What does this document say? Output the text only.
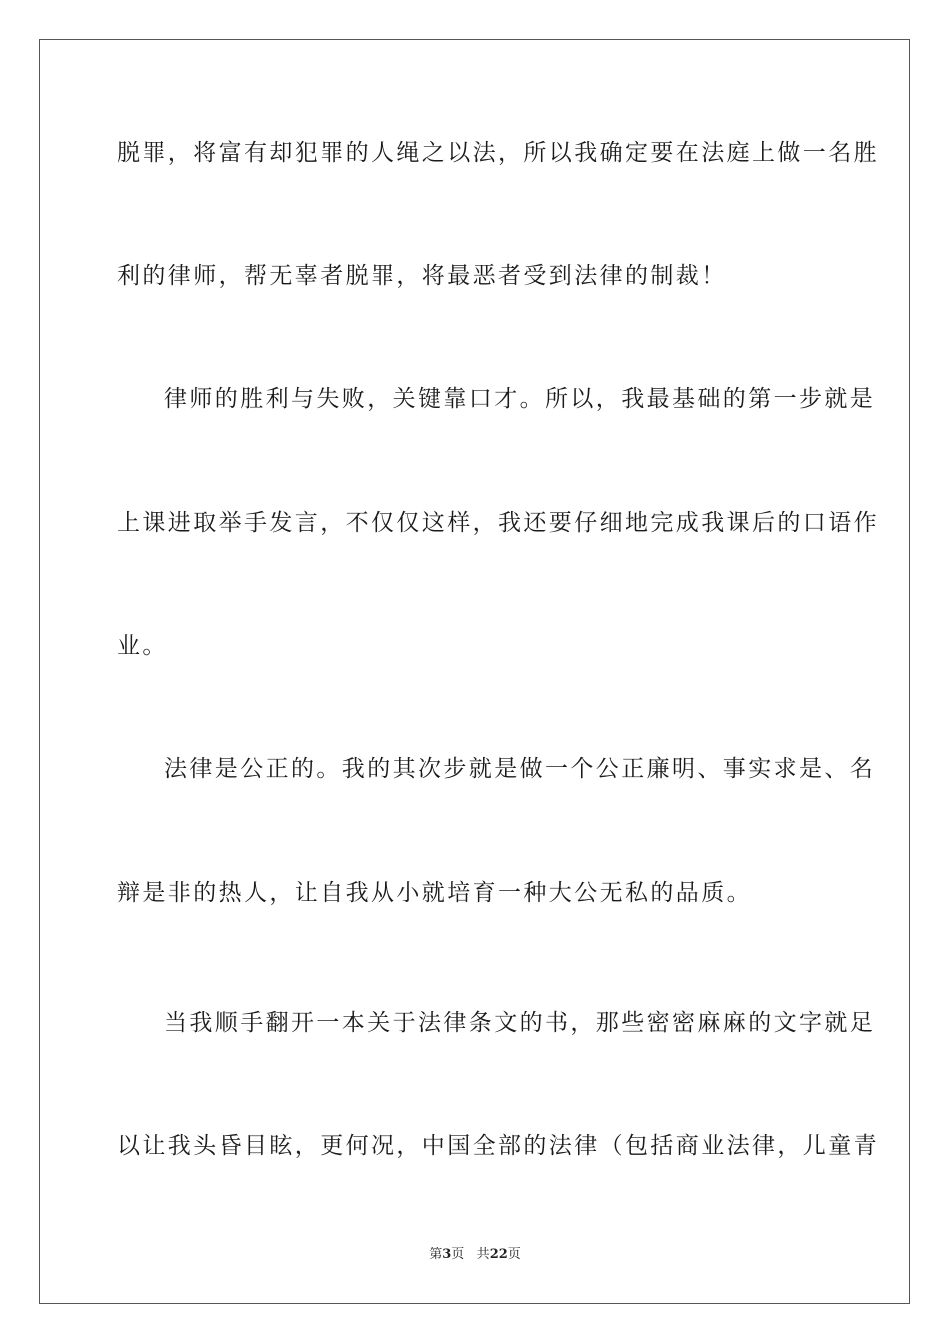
脱罪，将富有却犯罪的人绳之以法，所以我确定要在法庭上做一名胜
利的律师，帮无辜者脱罪，将最恶者受到法律的制裁！
律师的胜利与失败，关键靠口才。所以，我最基础的第一步就是
上课进取举手发言，不仅仅这样，我还要仔细地完成我课后的口语作
业。
法律是公正的。我的其次步就是做一个公正廉明、事实求是、名
辩是非的热人，让自我从小就培育一种大公无私的品质。
当我顺手翻开一本关于法律条文的书，那些密密麻麻的文字就足
以让我头昏目眩，更何况，中国全部的法律（包括商业法律，儿童青
第3页 共22页
